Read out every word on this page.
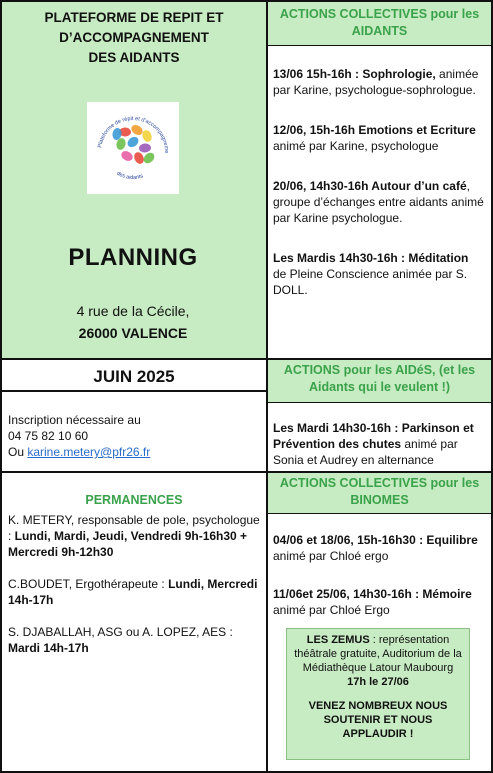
PLATEFORME DE REPIT ET
D’ACCOMPAGNEMENT
DES AIDANTS
Plateforme de répit et d’accompagneme
des aidants
PLANNING
4 rue de la Cécile,
26000 VALENCE
ACTIONS COLLECTIVES pour les AIDANTS
13/06 15h-16h : Sophrologie, animée par Karine, psychologue-sophrologue.
12/06, 15h-16h Emotions et Ecriture animé par Karine, psychologue
20/06, 14h30-16h Autour d’un café, groupe d’échanges entre aidants animé par Karine psychologue.
Les Mardis 14h30-16h : Méditation de Pleine Conscience animée par S. DOLL.
JUIN 2025
Inscription nécessaire au
04 75 82 10 60
Ou karine.metery@pfr26.fr
ACTIONS pour les AIDéS, (et les Aidants qui le veulent !)
Les Mardi 14h30-16h : Parkinson et Prévention des chutes animé par Sonia et Audrey en alternance
PERMANENCES
K. METERY, responsable de pole, psychologue : Lundi, Mardi, Jeudi, Vendredi 9h-16h30 + Mercredi 9h-12h30
C.BOUDET, Ergothérapeute : Lundi, Mercredi 14h-17h
S. DJABALLAH, ASG ou A. LOPEZ, AES : Mardi 14h-17h
ACTIONS COLLECTIVES pour les BINOMES
04/06 et 18/06, 15h-16h30 : Equilibre animé par Chloé ergo
11/06et 25/06, 14h30-16h : Mémoire animé par Chloé Ergo
LES ZEMUS : représentation théâtrale gratuite, Auditorium de la Médiathèque Latour Maubourg 17h le 27/06
VENEZ NOMBREUX NOUS SOUTENIR ET NOUS APPLAUDIR !
